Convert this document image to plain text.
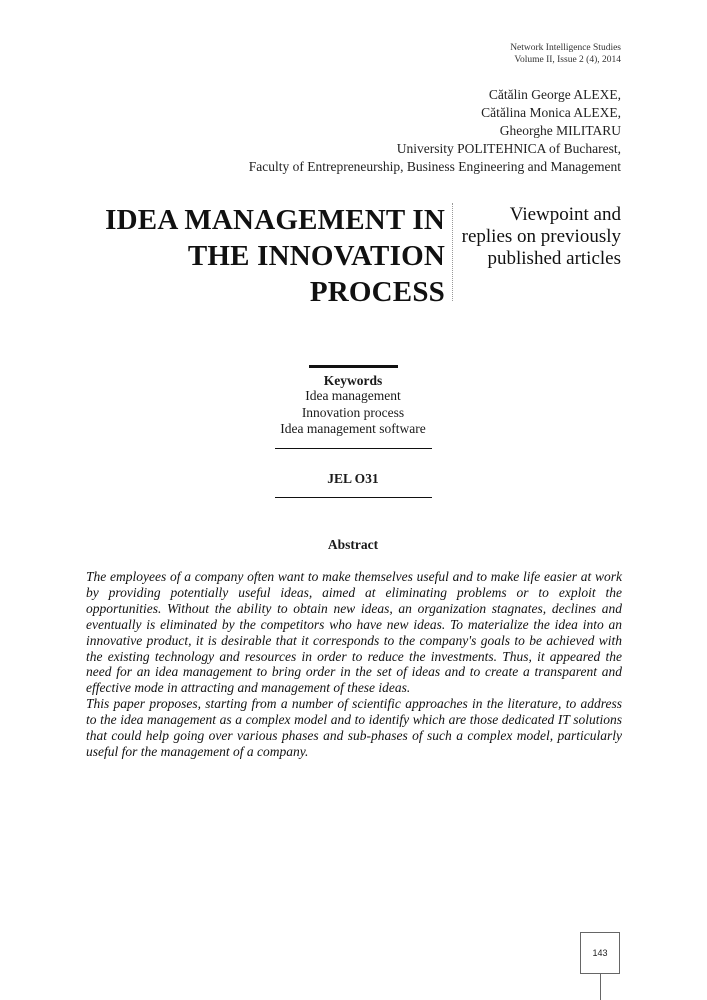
Network Intelligence Studies
Volume II, Issue 2 (4), 2014
Cătălin George ALEXE,
Cătălina Monica ALEXE,
Gheorghe MILITARU
University POLITEHNICA of Bucharest,
Faculty of Entrepreneurship, Business Engineering and Management
IDEA MANAGEMENT IN
THE INNOVATION
PROCESS
Viewpoint and
replies on previously
published articles
Keywords
Idea management
Innovation process
Idea management software
JEL O31
Abstract

The employees of a company often want to make themselves useful and to make life easier at work by providing potentially useful ideas, aimed at eliminating problems or to exploit the opportunities. Without the ability to obtain new ideas, an organization stagnates, declines and eventually is eliminated by the competitors who have new ideas. To materialize the idea into an innovative product, it is desirable that it corresponds to the company's goals to be achieved with the existing technology and resources in order to reduce the investments. Thus, it appeared the need for an idea management to bring order in the set of ideas and to create a transparent and effective mode in attracting and management of these ideas.

This paper proposes, starting from a number of scientific approaches in the literature, to address to the idea management as a complex model and to identify which are those dedicated IT solutions that could help going over various phases and sub-phases of such a complex model, particularly useful for the management of a company.

143
